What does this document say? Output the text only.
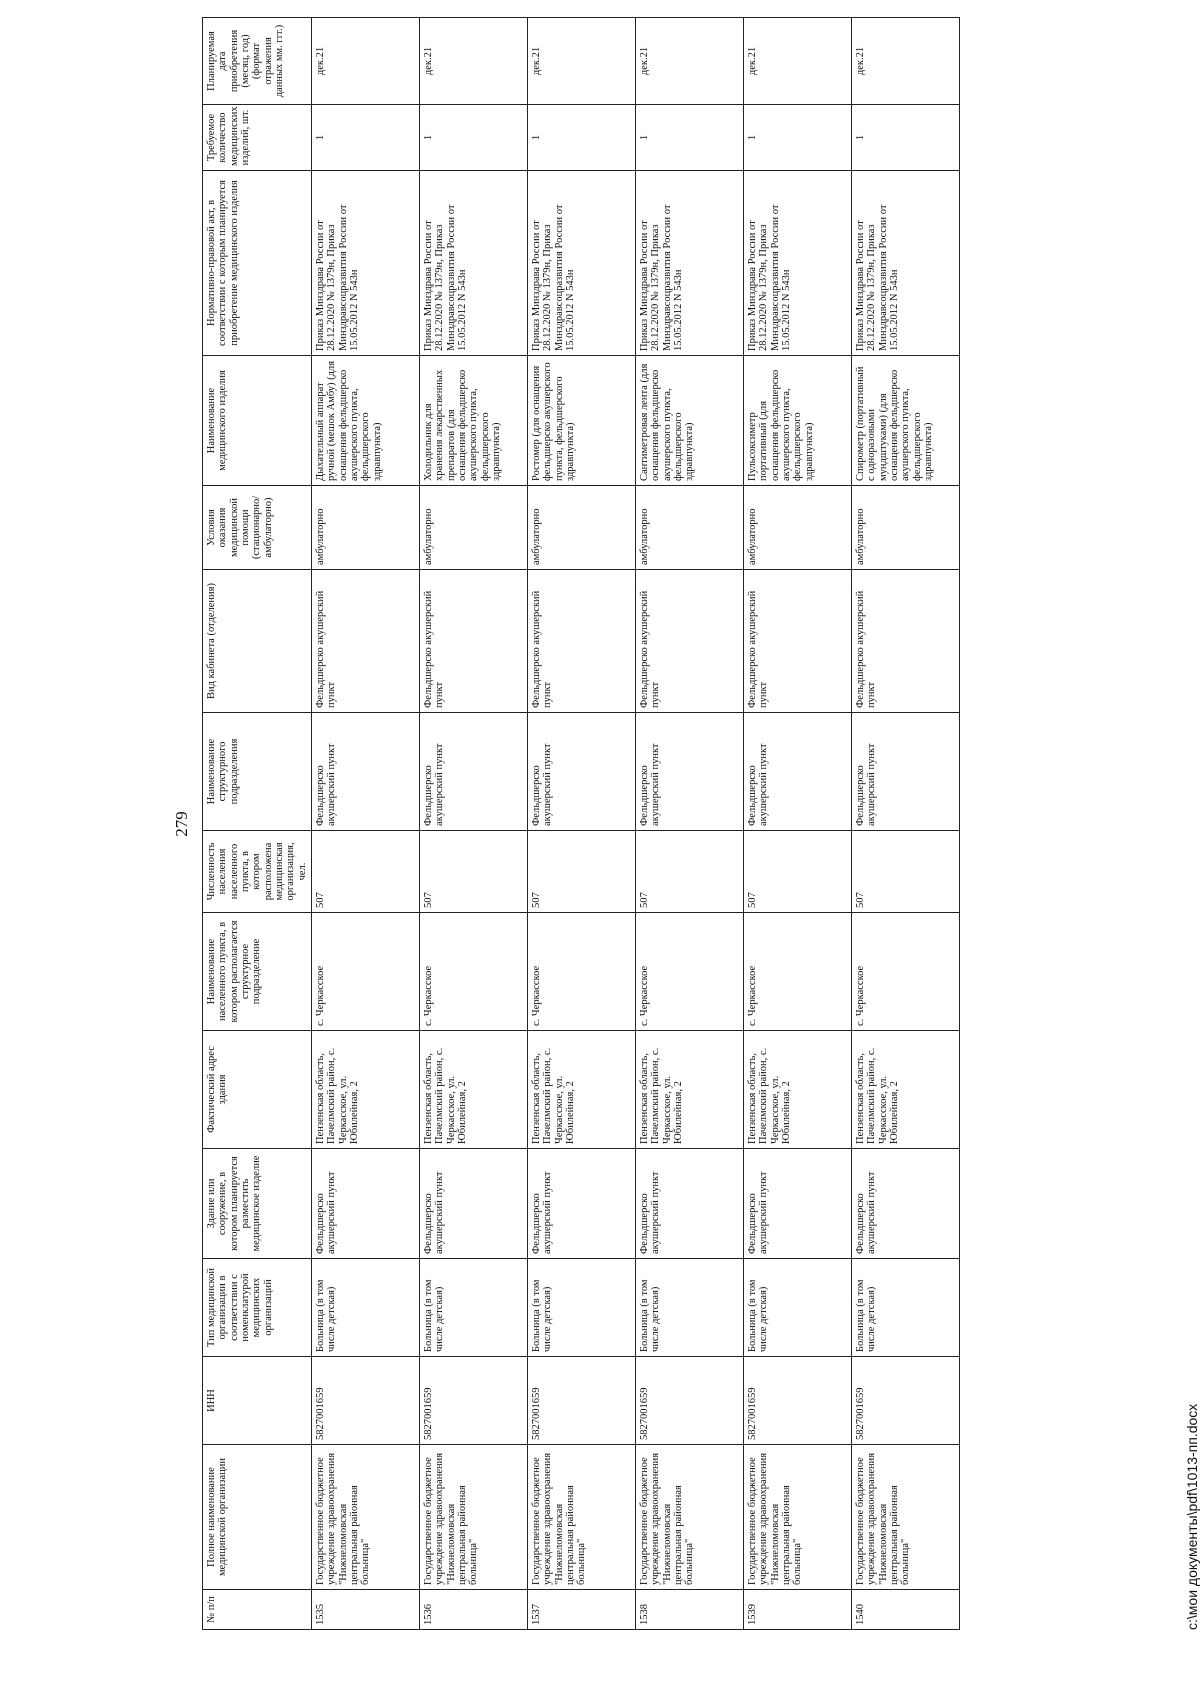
279
№ п/п	Полное наименование медицинской организации	ИНН	Тип медицинской организации в соответствии с номенклатурой медицинских организаций	Здание или сооружение, в котором планируется разместить медицинское изделие	Фактический адрес здания	Наименование населенного пункта, в котором располагается структурное подразделение	Численность населения населенного пункта, в котором расположена медицинская организация, чел.	Наименование структурного подразделения	Вид кабинета (отделения)	Условия оказания медицинской помощи (стационарно/амбулаторно)	Наименование медицинского изделия	Нормативно-правовой акт, в соответствии с которым планируется приобретение медицинского изделия	Требуемое количество медицинских изделий, шт.	Планируемая дата приобретения (месяц, год) (формат отражения данных мм. ггг.)
1535	Государственное бюджетное учреждение здравоохранения "Нижнеломовская центральная районная больница"	5827001659	Больница (в том числе детская)	Фельдшерско акушерский пункт	Пензенская область, Пачелмский район, с. Черкасское, ул. Юбилейная, 2	с. Черкасское	507	Фельдшерско акушерский пункт	Фельдшерско акушерский пункт	амбулаторно	Дыхательный аппарат ручной (мешок Амбу) (для оснащения фельдшерско акушерского пункта, фельдшерского здравпункта)	Приказ Минздрава России от 28.12.2020 № 1379н, Приказ Минздравсоцразвития России от 15.05.2012 N 543н	1	дек.21
1536	Государственное бюджетное учреждение здравоохранения "Нижнеломовская центральная районная больница"	5827001659	Больница (в том числе детская)	Фельдшерско акушерский пункт	Пензенская область, Пачелмский район, с. Черкасское, ул. Юбилейная, 2	с. Черкасское	507	Фельдшерско акушерский пункт	Фельдшерско акушерский пункт	амбулаторно	Холодильник для хранения лекарственных препаратов (для оснащения фельдшерско акушерского пункта, фельдшерского здравпункта)	Приказ Минздрава России от 28.12.2020 № 1379н, Приказ Минздравсоцразвития России от 15.05.2012 N 543н	1	дек.21
1537	Государственное бюджетное учреждение здравоохранения "Нижнеломовская центральная районная больница"	5827001659	Больница (в том числе детская)	Фельдшерско акушерский пункт	Пензенская область, Пачелмский район, с. Черкасское, ул. Юбилейная, 2	с. Черкасское	507	Фельдшерско акушерский пункт	Фельдшерско акушерский пункт	амбулаторно	Ростомер (для оснащения фельдшерско акушерского пункта, фельдшерского здравпункта)	Приказ Минздрава России от 28.12.2020 № 1379н, Приказ Минздравсоцразвития России от 15.05.2012 N 543н	1	дек.21
1538	Государственное бюджетное учреждение здравоохранения "Нижнеломовская центральная районная больница"	5827001659	Больница (в том числе детская)	Фельдшерско акушерский пункт	Пензенская область, Пачелмский район, с. Черкасское, ул. Юбилейная, 2	с. Черкасское	507	Фельдшерско акушерский пункт	Фельдшерско акушерский пункт	амбулаторно	Сантиметровая лента (для оснащения фельдшерско акушерского пункта, фельдшерского здравпункта)	Приказ Минздрава России от 28.12.2020 № 1379н, Приказ Минздравсоцразвития России от 15.05.2012 N 543н	1	дек.21
1539	Государственное бюджетное учреждение здравоохранения "Нижнеломовская центральная районная больница"	5827001659	Больница (в том числе детская)	Фельдшерско акушерский пункт	Пензенская область, Пачелмский район, с. Черкасское, ул. Юбилейная, 2	с. Черкасское	507	Фельдшерско акушерский пункт	Фельдшерско акушерский пункт	амбулаторно	Пульсоксиметр портативный (для оснащения фельдшерско акушерского пункта, фельдшерского здравпункта)	Приказ Минздрава России от 28.12.2020 № 1379н, Приказ Минздравсоцразвития России от 15.05.2012 N 543н	1	дек.21
1540	Государственное бюджетное учреждение здравоохранения "Нижнеломовская центральная районная больница"	5827001659	Больница (в том числе детская)	Фельдшерско акушерский пункт	Пензенская область, Пачелмский район, с. Черкасское, ул. Юбилейная, 2	с. Черкасское	507	Фельдшерско акушерский пункт	Фельдшерско акушерский пункт	амбулаторно	Спирометр (портативный с одноразовыми мундштуками) (для оснащения фельдшерско акушерского пункта, фельдшерского здравпункта)	Приказ Минздрава России от 28.12.2020 № 1379н, Приказ Минздравсоцразвития России от 15.05.2012 N 543н	1	дек.21
c:\мои документы\pdf\1013-пп.docx
